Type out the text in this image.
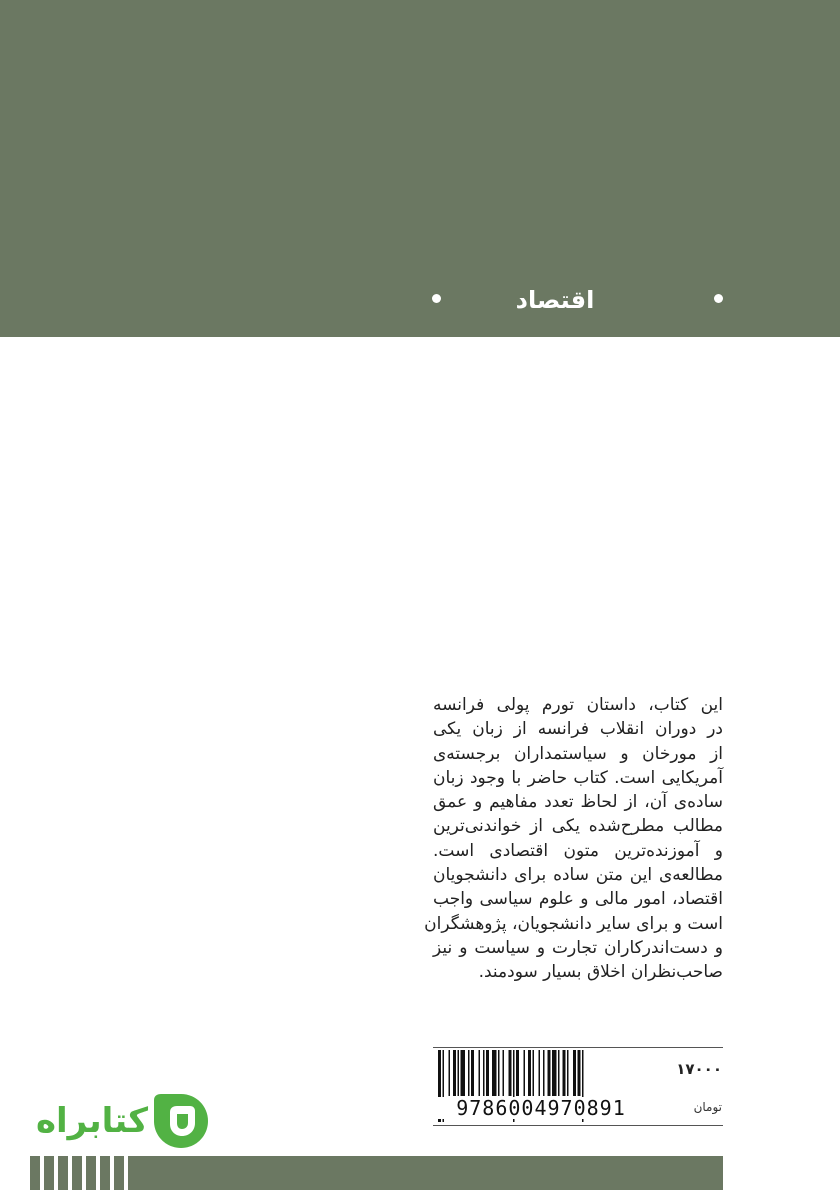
اقتصاد
این کتاب، داستان تورم پولی فرانسه
در دوران انقلاب فرانسه از زبان یکی
از مورخان و سیاستمداران برجسته‌ی
آمریکایی است. کتاب حاضر با وجود زبان
ساده‌ی آن، از لحاظ تعدد مفاهیم و عمق
مطالب مطرح‌شده یکی از خواندنی‌ترین
و آموزنده‌ترین متون اقتصادی است.
مطالعه‌ی این متن ساده برای دانشجویان
اقتصاد، امور مالی و علوم سیاسی واجب
است و برای سایر دانشجویان، پژوهشگران
و دست‌اندرکاران تجارت و سیاست و نیز
صاحب‌نظران اخلاق بسیار سودمند.
9786004970891
۱۷۰۰۰
تومان
کتابراه
